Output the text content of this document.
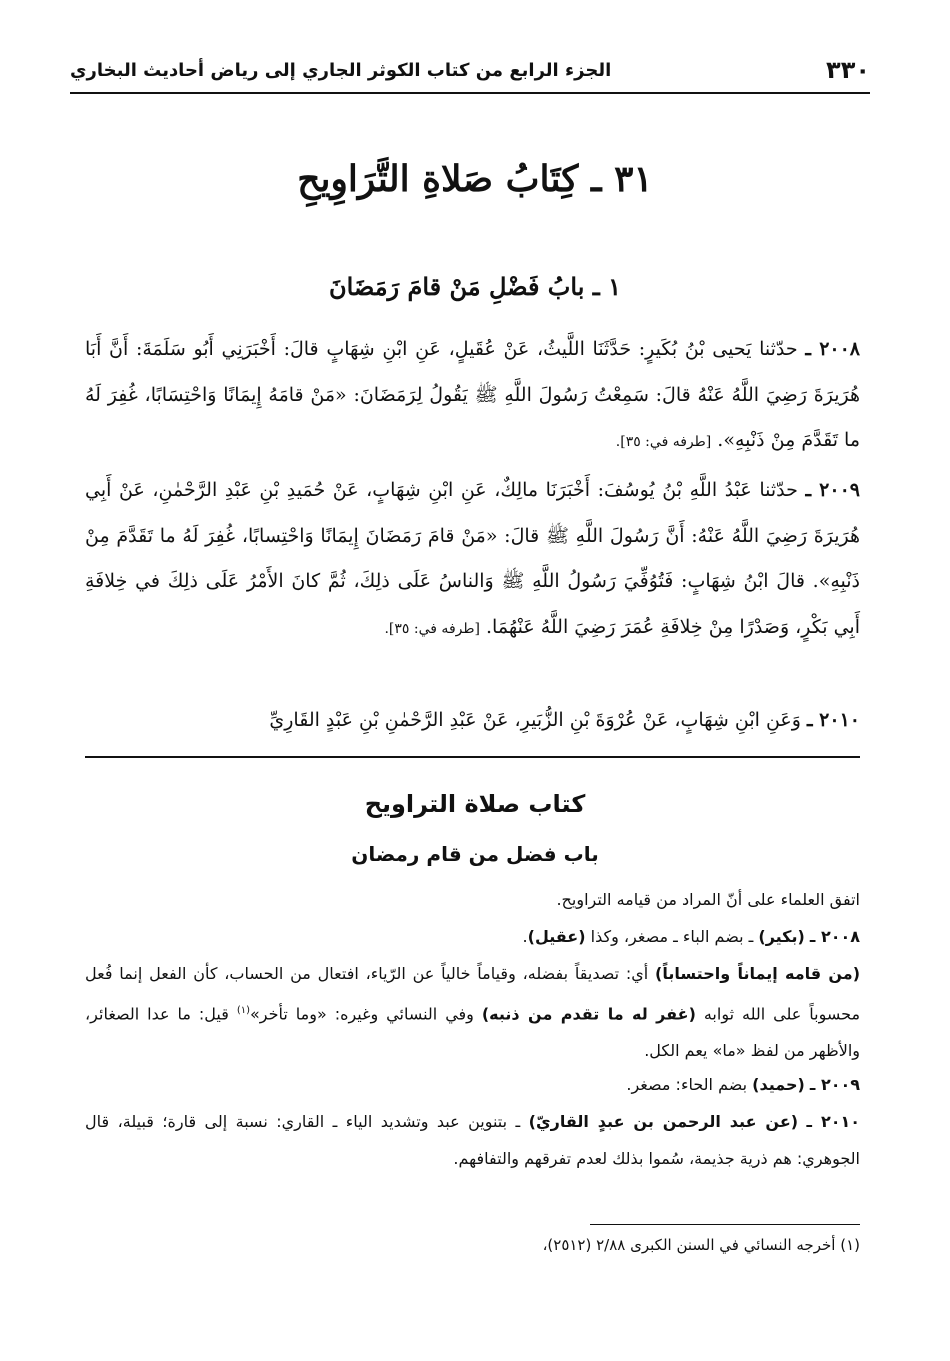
٣٣٠
الجزء الرابع من كتاب الكوثر الجاري إلى رياض أحاديث البخاري
٣١ ـ كِتَابُ صَلاةِ التَّرَاوِيحِ
١ ـ بابُ فَضْلِ مَنْ قامَ رَمَضَانَ
٢٠٠٨ ـ حدّثنا يَحيى بْنُ بُكَيرٍ: حَدَّثَنَا اللَّيثُ، عَنْ عُقَيلٍ، عَنِ ابْنِ شِهَابٍ قالَ: أَخْبَرَنِي أَبُو سَلَمَةَ: أَنَّ أَبَا هُرَيرَةَ رَضِيَ اللَّهُ عَنْهُ قالَ: سَمِعْتُ رَسُولَ اللَّهِ ﷺ يَقُولُ لِرَمَضَانَ: «مَنْ قامَهُ إِيمَانًا وَاحْتِسَابًا، غُفِرَ لَهُ ما تَقَدَّمَ مِنْ ذَنْبِهِ». [طرفه في: ٣٥].
٢٠٠٩ ـ حدّثنا عَبْدُ اللَّهِ بْنُ يُوسُفَ: أَخْبَرَنَا مالِكٌ، عَنِ ابْنِ شِهَابٍ، عَنْ حُمَيدِ بْنِ عَبْدِ الرَّحْمٰنِ، عَنْ أَبِي هُرَيرَةَ رَضِيَ اللَّهُ عَنْهُ: أَنَّ رَسُولَ اللَّهِ ﷺ قالَ: «مَنْ قامَ رَمَضَانَ إِيمَانًا وَاحْتِسابًا، غُفِرَ لَهُ ما تَقَدَّمَ مِنْ ذَنْبِهِ». قالَ ابْنُ شِهَابٍ: فَتُوُفِّيَ رَسُولُ اللَّهِ ﷺ وَالناسُ عَلَى ذلِكَ، ثُمَّ كانَ الأَمْرُ عَلَى ذلِكَ في خِلافَةِ أَبِي بَكْرٍ، وَصَدْرًا مِنْ خِلافَةِ عُمَرَ رَضِيَ اللَّهُ عَنْهُمَا. [طرفه في: ٣٥].
٢٠١٠ ـ وَعَنِ ابْنِ شِهَابٍ، عَنْ عُرْوَةَ بْنِ الزُّبَيرِ، عَنْ عَبْدِ الرَّحْمٰنِ بْنِ عَبْدٍ القَارِيِّ
كتاب صلاة التراويح
باب فضل من قام رمضان
اتفق العلماء على أنّ المراد من قيامه التراويح.
٢٠٠٨ ـ (بكير) ـ بضم الباء ـ مصغر، وكذا (عقيل).
(من قامه إيماناً واحتساباً) أي: تصديقاً بفضله، وقياماً خالياً عن الرّياء، افتعال من الحساب، كأن الفعل إنما فُعل محسوباً على الله ثوابه (غفر له ما تقدم من ذنبه) وفي النسائي وغيره: «وما تأخر»$^{(١)}$ قيل: ما عدا الصغائر، والأظهر من لفظ «ما» يعم الكل.
٢٠٠٩ ـ (حميد) بضم الحاء: مصغر.
٢٠١٠ ـ (عن عبد الرحمن بن عبدٍ القاريّ) ـ بتنوين عبد وتشديد الياء ـ القاري: نسبة إلى قارة؛ قبيلة، قال الجوهري: هم ذرية جذيمة، سُموا بذلك لعدم تفرقهم والتفافهم.
(١) أخرجه النسائي في السنن الكبرى ٢/٨٨ (٢٥١٢)،
